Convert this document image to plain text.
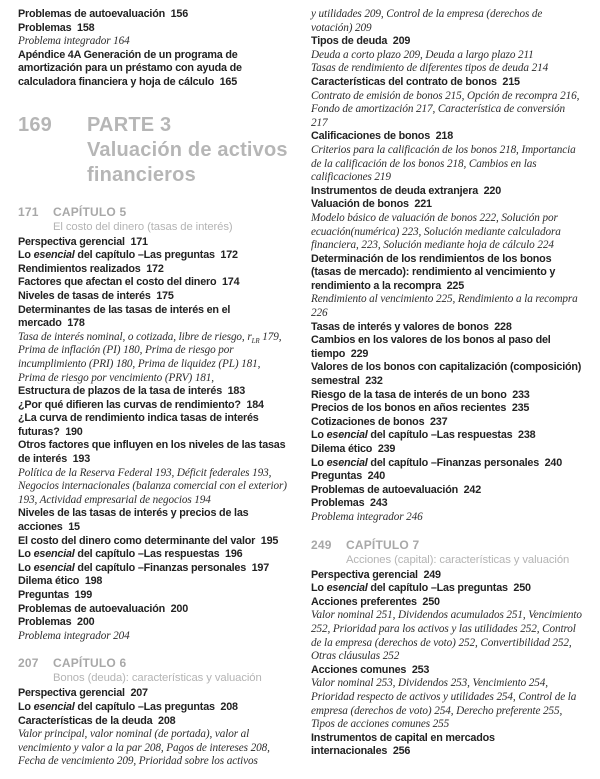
Problemas de autoevaluación  156

Problemas  158

Problema integrador 164

Apéndice 4A Generación de un programa de amortización para un préstamo con ayuda de calculadora financiera y hoja de cálculo  165

169	PARTE 3
Valuación de activos financieros
171	CAPÍTULO 5
El costo del dinero (tasas de interés)

Perspectiva gerencial  171

Lo esencial del capítulo –Las preguntas  172

Rendimientos realizados  172

Factores que afectan el costo del dinero  174

Niveles de tasas de interés  175

Determinantes de las tasas de interés en el mercado  178

Tasa de interés nominal, o cotizada, libre de riesgo, $r_{LR}$ 179, Prima de inflación (PI) 180, Prima de riesgo por incumplimiento (PRI) 180, Prima de liquidez (PL) 181, Prima de riesgo por vencimiento (PRV) 181,

Estructura de plazos de la tasa de interés  183

¿Por qué difieren las curvas de rendimiento?  184

¿La curva de rendimiento indica tasas de interés futuras?  190

Otros factores que influyen en los niveles de las tasas de interés  193

Política de la Reserva Federal 193, Déficit federales 193, Negocios internacionales (balanza comercial con el exterior) 193, Actividad empresarial de negocios 194

Niveles de las tasas de interés y precios de las acciones  15

El costo del dinero como determinante del valor  195

Lo esencial del capítulo –Las respuestas  196

Lo esencial del capítulo –Finanzas personales  197

Dilema ético  198

Preguntas  199

Problemas de autoevaluación  200

Problemas  200

Problema integrador 204

207	CAPÍTULO 6
Bonos (deuda): características y valuación

Perspectiva gerencial  207

Lo esencial del capítulo –Las preguntas  208

Características de la deuda  208

Valor principal, valor nominal (de portada), valor al vencimiento y valor a la par 208, Pagos de intereses 208, Fecha de vencimiento 209, Prioridad sobre los activos

y utilidades 209, Control de la empresa (derechos de votación) 209

Tipos de deuda  209

Deuda a corto plazo 209, Deuda a largo plazo 211

Tasas de rendimiento de diferentes tipos de deuda 214

Características del contrato de bonos  215

Contrato de emisión de bonos 215, Opción de recompra 216, Fondo de amortización 217, Característica de conversión 217

Calificaciones de bonos  218

Criterios para la calificación de los bonos 218, Importancia de la calificación de los bonos 218, Cambios en las calificaciones 219

Instrumentos de deuda extranjera  220

Valuación de bonos  221

Modelo básico de valuación de bonos 222, Solución por ecuación(numérica) 223, Solución mediante calculadora financiera, 223, Solución mediante hoja de cálculo 224

Determinación de los rendimientos de los bonos (tasas de mercado): rendimiento al vencimiento y rendimiento a la recompra  225

Rendimiento al vencimiento 225, Rendimiento a la recompra 226

Tasas de interés y valores de bonos  228

Cambios en los valores de los bonos al paso del tiempo  229

Valores de los bonos con capitalización (composición) semestral  232

Riesgo de la tasa de interés de un bono  233

Precios de los bonos en años recientes  235

Cotizaciones de bonos  237

Lo esencial del capítulo –Las respuestas  238

Dilema ético  239

Lo esencial del capítulo –Finanzas personales  240

Preguntas  240

Problemas de autoevaluación  242

Problemas  243

Problema integrador 246

249	CAPÍTULO 7
Acciones (capital): características y valuación

Perspectiva gerencial  249

Lo esencial del capítulo –Las preguntas  250

Acciones preferentes  250

Valor nominal 251, Dividendos acumulados 251, Vencimiento 252, Prioridad para los activos y las utilidades 252, Control de la empresa (derechos de voto) 252, Convertibilidad 252, Otras cláusulas 252

Acciones comunes  253

Valor nominal 253, Dividendos 253, Vencimiento 254, Prioridad respecto de activos y utilidades 254, Control de la empresa (derechos de voto) 254, Derecho preferente 255, Tipos de acciones comunes 255

Instrumentos de capital en mercados internacionales  256
